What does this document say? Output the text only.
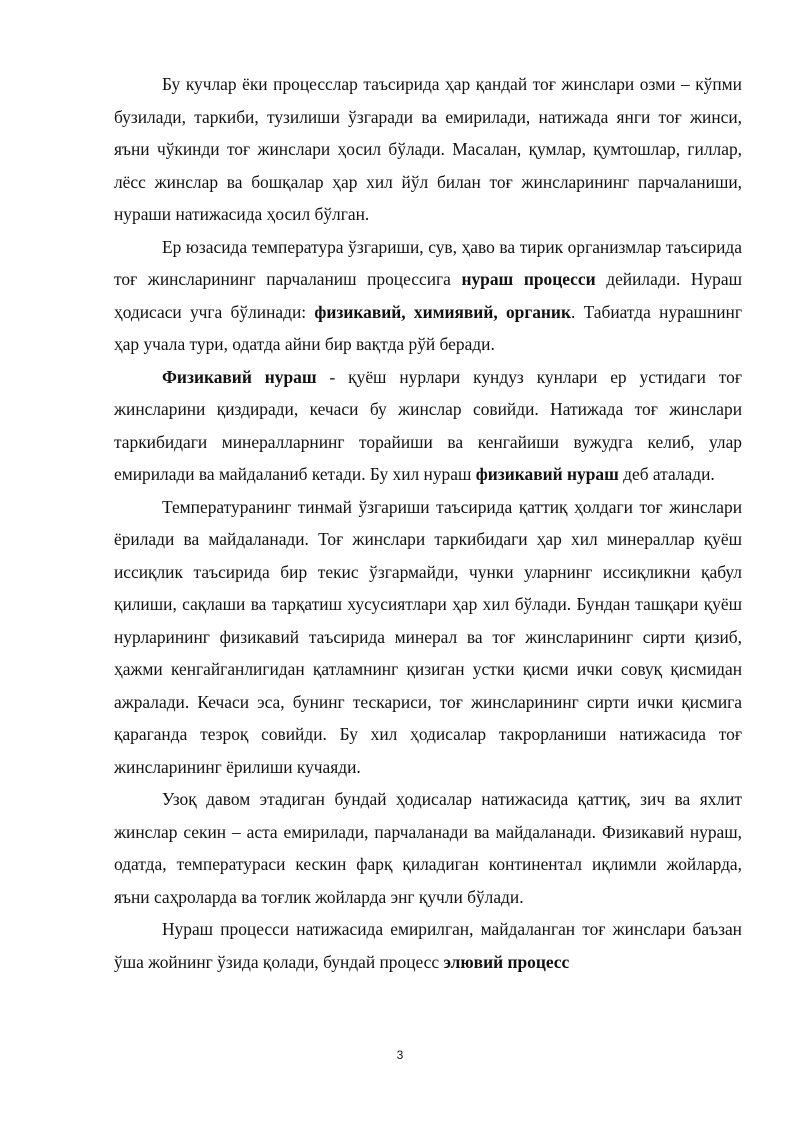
Бу кучлар ёки процесслар таъсирида ҳар қандай тоғ жинслари озми – кўпми бузилади, таркиби, тузилиши ўзгаради ва емирилади, натижада янги тоғ жинси, яъни чўкинди тоғ жинслари ҳосил бўлади. Масалан, қумлар, қумтошлар, гиллар, лёсс жинслар ва бошқалар ҳар хил йўл билан тоғ жинсларининг парчаланиши, нураши натижасида ҳосил бўлган.

Ер юзасида температура ўзгариши, сув, ҳаво ва тирик организмлар таъсирида тоғ жинсларининг парчаланиш процессига нураш процесси дейилади. Нураш ҳодисаси учга бўлинади: физикавий, химиявий, органик. Табиатда нурашнинг ҳар учала тури, одатда айни бир вақтда рўй беради.

Физикавий нураш - қуёш нурлари кундуз кунлари ер устидаги тоғ жинсларини қиздиради, кечаси бу жинслар совийди. Натижада тоғ жинслари таркибидаги минералларнинг торайиши ва кенгайиши вужудга келиб, улар емирилади ва майдаланиб кетади. Бу хил нураш физикавий нураш деб аталади.

Температуранинг тинмай ўзгариши таъсирида қаттиқ ҳолдаги тоғ жинслари ёрилади ва майдаланади. Тоғ жинслари таркибидаги ҳар хил минераллар қуёш иссиқлик таъсирида бир текис ўзгармайди, чунки уларнинг иссиқликни қабул қилиши, сақлаши ва тарқатиш хусусиятлари ҳар хил бўлади. Бундан ташқари қуёш нурларининг физикавий таъсирида минерал ва тоғ жинсларининг сирти қизиб, ҳажми кенгайганлигидан қатламнинг қизиган устки қисми ички совуқ қисмидан ажралади. Кечаси эса, бунинг тескариси, тоғ жинсларининг сирти ички қисмига қараганда тезроқ совийди. Бу хил ҳодисалар такрорланиши натижасида тоғ жинсларининг ёрилиши кучаяди.

Узоқ давом этадиган бундай ҳодисалар натижасида қаттиқ, зич ва яхлит жинслар секин – аста емирилади, парчаланади ва майдаланади. Физикавий нураш, одатда, температураси кескин фарқ қиладиган континентал иқлимли жойларда, яъни саҳроларда ва тоғлик жойларда энг қучли бўлади.

Нураш процесси натижасида емирилган, майдаланган тоғ жинслари баъзан ўша жойнинг ўзида қолади, бундай процесс элювий процесс

3
